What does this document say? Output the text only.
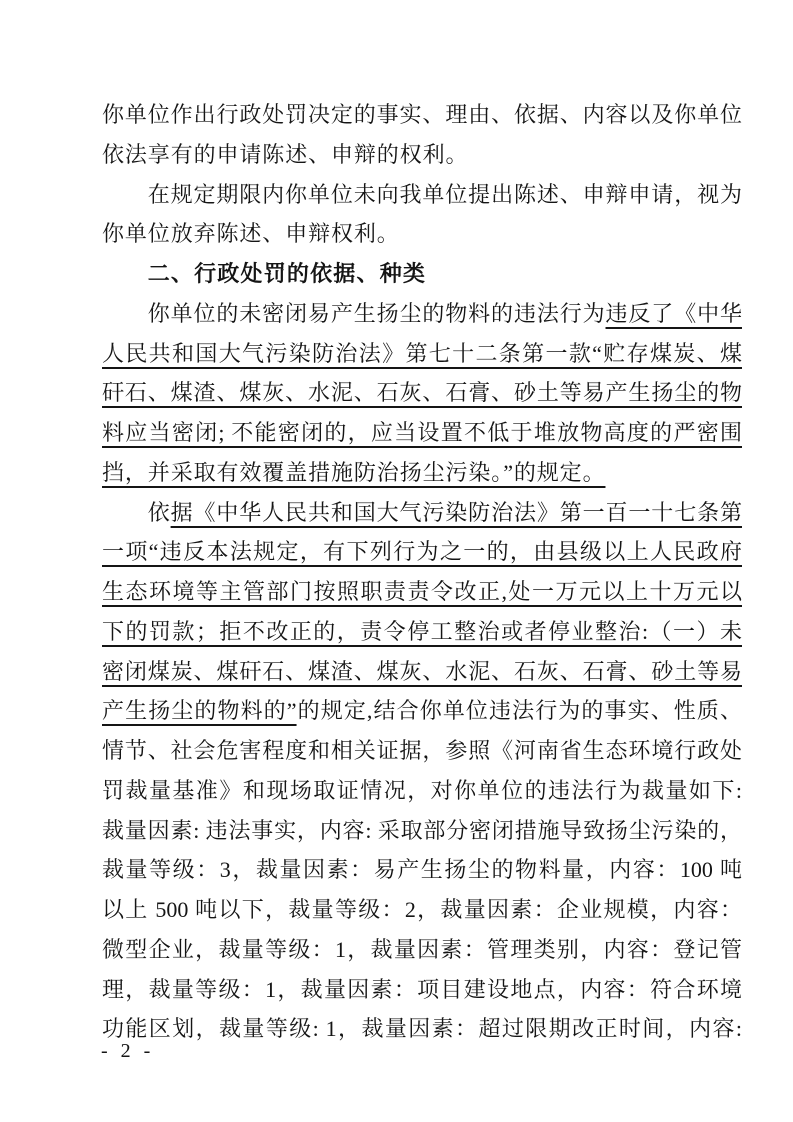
你单位作出行政处罚决定的事实、理由、依据、内容以及你单位
依法享有的申请陈述、申辩的权利。
在规定期限内你单位未向我单位提出陈述、申辩申请，视为
你单位放弃陈述、申辩权利。
二、行政处罚的依据、种类
你单位的未密闭易产生扬尘的物料的违法行为违反了《中华
人民共和国大气污染防治法》第七十二条第一款“贮存煤炭、煤
矸石、煤渣、煤灰、水泥、石灰、石膏、砂土等易产生扬尘的物
料应当密闭; 不能密闭的，应当设置不低于堆放物高度的严密围
挡，并采取有效覆盖措施防治扬尘污染。”的规定。
依据《中华人民共和国大气污染防治法》第一百一十七条第
一项“违反本法规定，有下列行为之一的，由县级以上人民政府
生态环境等主管部门按照职责责令改正,处一万元以上十万元以
下的罚款；拒不改正的，责令停工整治或者停业整治:（一）未
密闭煤炭、煤矸石、煤渣、煤灰、水泥、石灰、石膏、砂土等易
产生扬尘的物料的”的规定,结合你单位违法行为的事实、性质、
情节、社会危害程度和相关证据，参照《河南省生态环境行政处
罚裁量基准》和现场取证情况，对你单位的违法行为裁量如下:
裁量因素: 违法事实，内容: 采取部分密闭措施导致扬尘污染的，
裁量等级：3，裁量因素：易产生扬尘的物料量，内容：100 吨
以上 500 吨以下，裁量等级：2，裁量因素：企业规模，内容：
微型企业，裁量等级：1，裁量因素：管理类别，内容：登记管
理，裁量等级：1，裁量因素：项目建设地点，内容：符合环境
功能区划，裁量等级: 1，裁量因素：超过限期改正时间，内容:
- 2 -
